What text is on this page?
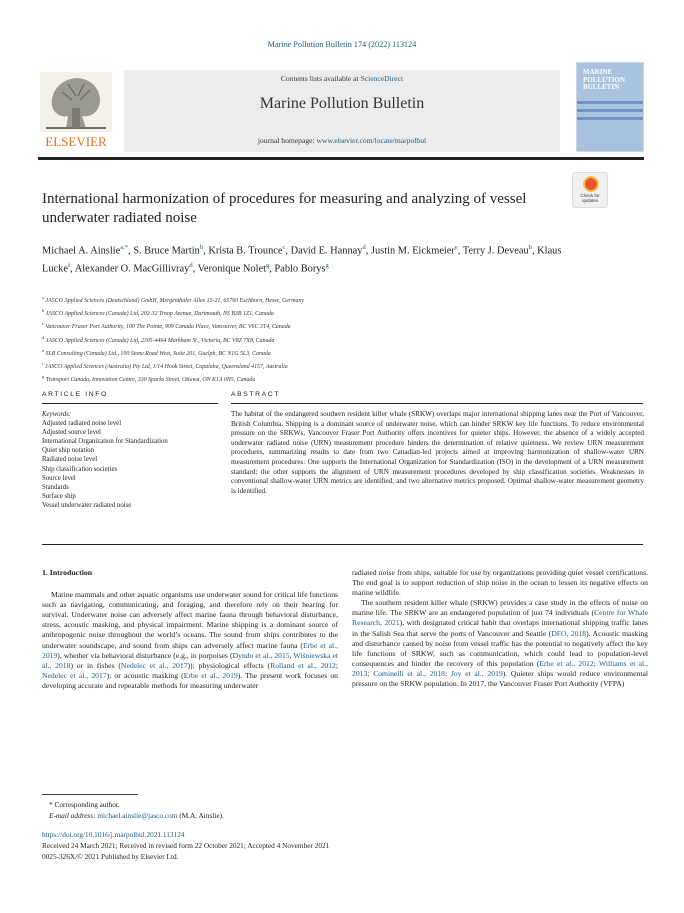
Marine Pollution Bulletin 174 (2022) 113124
ELSEVIER
Contents lists available at ScienceDirect
Marine Pollution Bulletin
journal homepage: www.elsevier.com/locate/marpolbul
MARINE POLLUTION BULLETIN
International harmonization of procedures for measuring and analyzing of vessel underwater radiated noise
Check for updates
Michael A. Ainslie$^{a,*}$, S. Bruce Martin$^b$, Krista B. Trounce$^c$, David E. Hannay$^d$, Justin M. Eickmeier$^e$, Terry J. Deveau$^b$, Klaus Lucke$^f$, Alexander O. MacGillivray$^d$, Veronique Nolet$^g$, Pablo Borys$^g$
$^a$ JASCO Applied Sciences (Deutschland) GmbH, Mergenthaler Allee 15-21, 65760 Eschborn, Hesse, Germany
$^b$ JASCO Applied Sciences (Canada) Ltd, 202-32 Troop Avenue, Dartmouth, NS B3B 1Z1, Canada
$^c$ Vancouver Fraser Port Authority, 100 The Pointe, 999 Canada Place, Vancouver, BC V6C 3T4, Canada
$^d$ JASCO Applied Sciences (Canada) Ltd, 2305-4464 Markham St., Victoria, BC V8Z 7X8, Canada
$^e$ SLR Consulting (Canada) Ltd., 100 Stone Road West, Suite 201, Guelph, BC N1G 5L3, Canada
$^f$ JASCO Applied Sciences (Australia) Pty Ltd, 1/14 Hook Street, Capalaba, Queensland 4157, Australia
$^g$ Transport Canada, Innovation Centre, 330 Sparks Street, Ottawa, ON K1A 0N5, Canada
ARTICLE INFO	ABSTRACT
Keywords:
Adjusted radiated noise level
Adjusted source level
International Organization for Standardization
Quiet ship notation
Radiated noise level
Ship classification societies
Source level
Standards
Surface ship
Vessel underwater radiated noise
The habitat of the endangered southern resident killer whale (SRKW) overlaps major international shipping lanes near the Port of Vancouver, British Columbia. Shipping is a dominant source of underwater noise, which can hinder SRKW key life functions. To reduce environmental pressure on the SRKWs, Vancouver Fraser Port Authority offers incentives for quieter ships. However, the absence of a widely accepted underwater radiated noise (URN) measurement procedure hinders the determination of relative quietness. We review URN measurement procedures, summarizing results to date from two Canadian-led projects aimed at improving harmonization of shallow-water URN measurement procedures: One supports the International Organization for Standardization (ISO) in the development of a URN measurement standard; the other supports the alignment of URN measurement procedures developed by ship classification societies. Weaknesses in conventional shallow-water URN metrics are identified, and two alternative metrics proposed. Optimal shallow-water measurement geometry is identified.
1. Introduction

Marine mammals and other aquatic organisms use underwater sound for critical life functions such as navigating, communicating, and foraging, and therefore rely on their hearing for survival. Underwater noise can adversely affect marine fauna through behavioral disturbance, stress, acoustic masking, and physical impairment. Marine shipping is a dominant source of anthropogenic noise throughout the world’s oceans. The sound from ships contributes to the underwater soundscape, and sound from ships can adversely affect marine fauna (Erbe et al., 2019), whether via behavioral disturbance (e.g., in porpoises (Dyndo et al., 2015, Wiśniewska et al., 2018) or in fishes (Nedelec et al., 2017)); physiological effects (Rolland et al., 2012; Nedelec et al., 2017); or acoustic masking (Erbe et al., 2019). The present work focuses on developing accurate and repeatable methods for measuring underwater

radiated noise from ships, suitable for use by organizations providing quiet vessel certifications. The end goal is to support reduction of ship noise in the ocean to lessen its negative effects on marine wildlife.

The southern resident killer whale (SRKW) provides a case study in the effects of noise on marine life. The SRKW are an endangered population of just 74 individuals (Centre for Whale Research, 2021), with designated critical habit that overlaps international shipping traffic lanes in the Salish Sea that serve the ports of Vancouver and Seattle (DFO, 2018). Acoustic masking and disturbance caused by noise from vessel traffic has the potential to negatively affect the key life functions of SRKW, such as communication, which could lead to population-level consequences and hinder the recovery of this population (Erbe et al., 2012; Williams et al., 2013; Cominelli et al., 2018; Joy et al., 2019). Quieter ships would reduce environmental pressure on the SRKW population. In 2017, the Vancouver Fraser Port Authority (VFPA)

* Corresponding author.
E-mail address: michael.ainslie@jasco.com (M.A. Ainslie).
https://doi.org/10.1016/j.marpolbul.2021.113124
Received 24 March 2021; Received in revised form 22 October 2021; Accepted 4 November 2021
0025-326X/© 2021 Published by Elsevier Ltd.
